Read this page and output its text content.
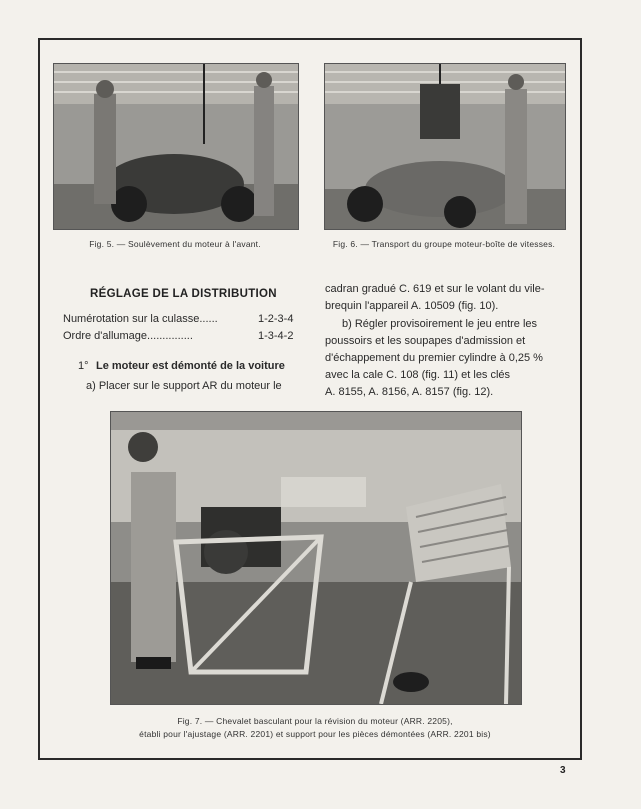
Fig. 5. — Soulèvement du moteur à l'avant.	Fig. 6. — Transport du groupe moteur-boîte de vitesses.
RÉGLAGE DE LA DISTRIBUTION
Numérotation sur la culasse......	1-2-3-4
Ordre d'allumage...............	1-3-4-2
1° Le moteur est démonté de la voiture
a) Placer sur le support AR du moteur le
cadran gradué C. 619 et sur le volant du vile-
brequin l'appareil A. 10509 (fig. 10).
b) Régler provisoirement le jeu entre les
poussoirs et les soupapes d'admission et
d'échappement du premier cylindre à 0,25 %
avec la cale C. 108 (fig. 11) et les clés
A. 8155, A. 8156, A. 8157 (fig. 12).
Fig. 7. — Chevalet basculant pour la révision du moteur (ARR. 2205),
établi pour l'ajustage (ARR. 2201) et support pour les pièces démontées (ARR. 2201 bis)
3
